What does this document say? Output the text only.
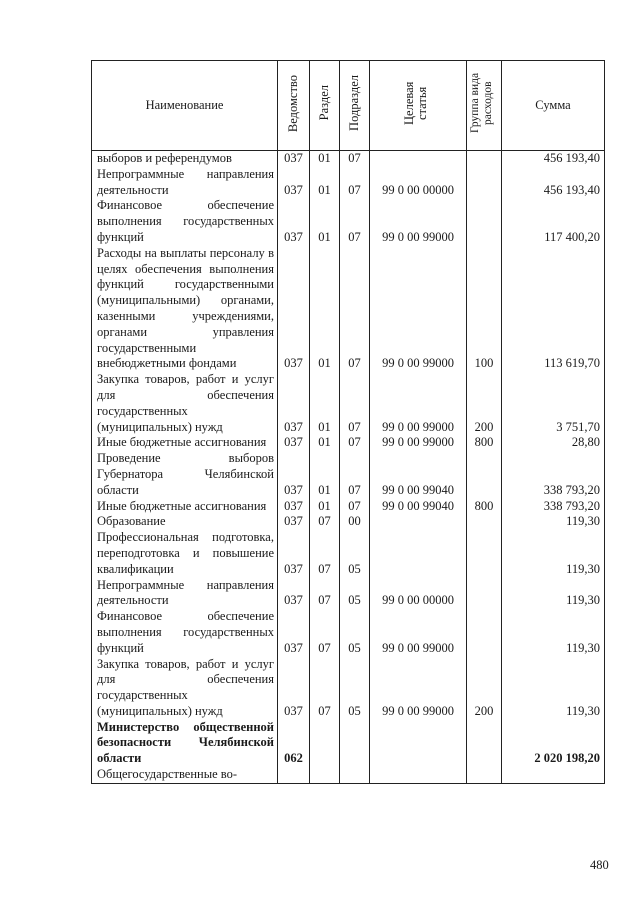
Наименование	Ведомство	Раздел	Подраздел	Целевая статья	Группа вида расходов	Сумма

выборов и референдумов	037	01	07			456 193,40

Непрограммные направления деятельности	037	01	07	99 0 00 00000		456 193,40

Финансовое обеспечение выполнения государственных функций	037	01	07	99 0 00 99000		117 400,20

Расходы на выплаты персоналу в целях обеспечения выполнения функций государственными (муниципальными) органами, казенными учреждениями, органами управления государственными внебюджетными фондами	037	01	07	99 0 00 99000	100	113 619,70

Закупка товаров, работ и услуг для обеспечения государственных (муниципальных) нужд	037	01	07	99 0 00 99000	200	3 751,70

Иные бюджетные ассигнования	037	01	07	99 0 00 99000	800	28,80

Проведение выборов Губернатора Челябинской области	037	01	07	99 0 00 99040		338 793,20

Иные бюджетные ассигнования	037	01	07	99 0 00 99040	800	338 793,20

Образование	037	07	00			119,30

Профессиональная подготовка, переподготовка и повышение квалификации	037	07	05			119,30

Непрограммные направления деятельности	037	07	05	99 0 00 00000		119,30

Финансовое обеспечение выполнения государственных функций	037	07	05	99 0 00 99000		119,30

Закупка товаров, работ и услуг для обеспечения государственных (муниципальных) нужд	037	07	05	99 0 00 99000	200	119,30

Министерство общественной безопасности Челябинской области	062					2 020 198,20

Общегосударственные во-						

480
